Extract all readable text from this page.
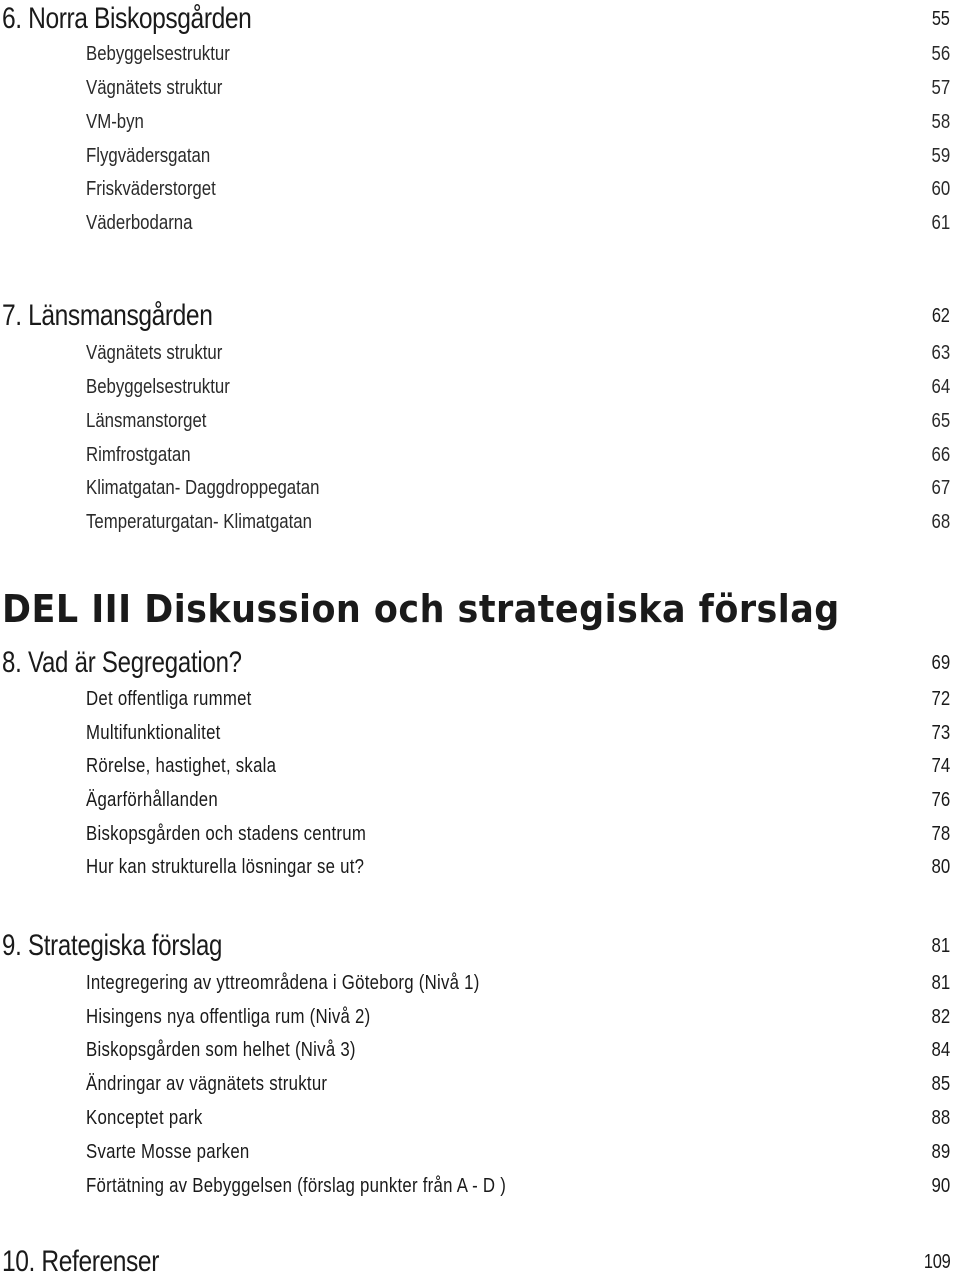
6. Norra Biskopsgården	55
Bebyggelsestruktur	56
Vägnätets struktur	57
VM-byn	58
Flygvädersgatan	59
Friskväderstorget	60
Väderbodarna	61
7. Länsmansgården	62
Vägnätets struktur	63
Bebyggelsestruktur	64
Länsmanstorget	65
Rimfrostgatan	66
Klimatgatan- Daggdroppegatan	67
Temperaturgatan- Klimatgatan	68
DEL III Diskussion och strategiska förslag
8. Vad är Segregation?	69
Det offentliga rummet	72
Multifunktionalitet	73
Rörelse, hastighet, skala	74
Ägarförhållanden	76
Biskopsgården och stadens centrum	78
Hur kan strukturella lösningar se ut?	80
9. Strategiska förslag	81
Integregering av yttreområdena i Göteborg (Nivå 1)	81
Hisingens nya offentliga rum (Nivå 2)	82
Biskopsgården som helhet (Nivå 3)	84
Ändringar av vägnätets struktur	85
Konceptet park	88
Svarte Mosse parken	89
Förtätning av Bebyggelsen (förslag punkter från A - D )	90
10. Referenser	109
